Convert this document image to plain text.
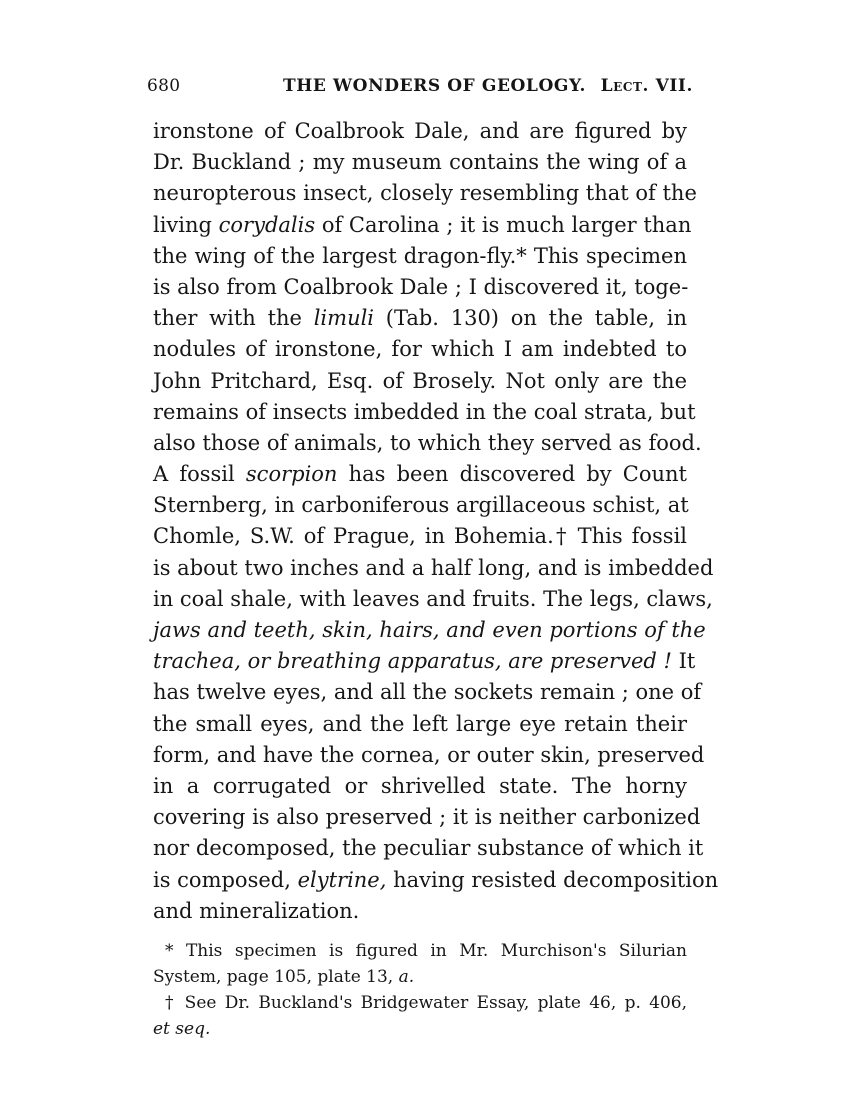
680	THE WONDERS OF GEOLOGY. Lect. VII.
ironstone of Coalbrook Dale, and are figured by
Dr. Buckland ; my museum contains the wing of a
neuropterous insect, closely resembling that of the
living corydalis of Carolina ; it is much larger than
the wing of the largest dragon-fly.* This specimen
is also from Coalbrook Dale ; I discovered it, toge-
ther with the limuli (Tab. 130) on the table, in
nodules of ironstone, for which I am indebted to
John Pritchard, Esq. of Brosely. Not only are the
remains of insects imbedded in the coal strata, but
also those of animals, to which they served as food.
A fossil scorpion has been discovered by Count
Sternberg, in carboniferous argillaceous schist, at
Chomle, S.W. of Prague, in Bohemia.† This fossil
is about two inches and a half long, and is imbedded
in coal shale, with leaves and fruits. The legs, claws,
jaws and teeth, skin, hairs, and even portions of the
trachea, or breathing apparatus, are preserved ! It
has twelve eyes, and all the sockets remain ; one of
the small eyes, and the left large eye retain their
form, and have the cornea, or outer skin, preserved
in a corrugated or shrivelled state. The horny
covering is also preserved ; it is neither carbonized
nor decomposed, the peculiar substance of which it
is composed, elytrine, having resisted decomposition
and mineralization.
* This specimen is figured in Mr. Murchison's Silurian
System, page 105, plate 13, a.
† See Dr. Buckland's Bridgewater Essay, plate 46, p. 406,
et seq.
